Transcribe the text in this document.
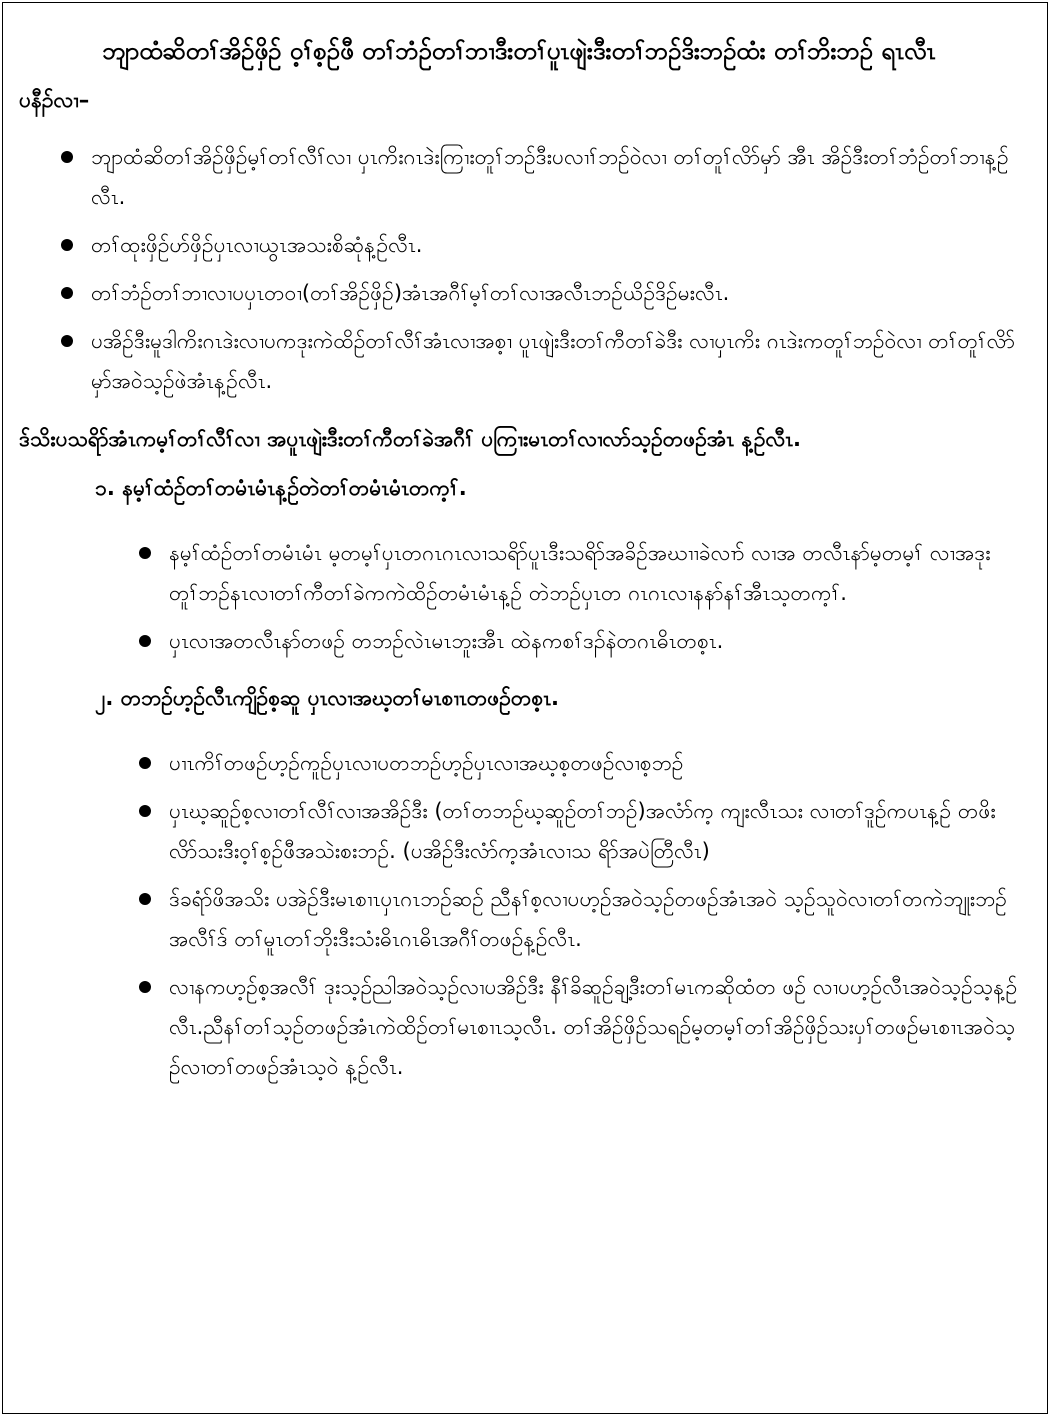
ဘျာထံဆိတၢ်အိဉ်ဖှိဉ် ဝ့ၢ်စ့ဉ်ဖီ တၢ်ဘံဉ်တၢ်ဘၢဒီးတၢ်ပူၤဖျဲးဒီးတၢ်ဘဉ်ဒိးဘဉ်ထံး တၢ်ဘိးဘဉ် ရၤလီၤ
ပနီၣ်လၢ–
ဘျာထံဆိတၢ်အိဉ်ဖှိဉ်မ့ၢ်တၢ်လီၢ်လၢ ပှၤကိးဂၤဒဲးကြၢးတူၢ်ဘဉ်ဒီးပလၢၢ်ဘဉ်ဝဲလၢ တၢ်တူၢ်လိာ်မှာ် အီၤ အိဉ်ဒီးတၢ်ဘံဉ်တၢ်ဘၢန့ဉ်လီၤ.
တၢ်ထုးဖှိဉ်ဟ်ဖှိဉ်ပှၤလၢယွၤအသးစိဆုံန့ဉ်လီၤ.
တၢ်ဘံဉ်တၢ်ဘၢလၢပပှၤတဝၢ(တၢ်အိဉ်ဖှိဉ်)အံၤအဂီၢ်မ့ၢ်တၢ်လၢအလီၤဘဉ်ယိဉ်ဒိဉ်မးလီၤ.
ပအိဉ်ဒီးမူဒါကိးဂၤဒဲးလၢပကဒုးကဲထိဉ်တၢ်လီၢ်အံၤလၢအစ့ၢ ပူၤဖျဲးဒီးတၢ်ကီတၢ်ခဲဒီး လၢပှၤကိး ဂၤဒဲးကတူၢ်ဘဉ်ဝဲလၢ တၢ်တူၢ်လိာ်မှာ်အဝဲသ့ဉ်ဖဲအံၤန့ဉ်လီၤ.
ဒ်သိးပသရိာ်အံၤကမ့ၢ်တၢ်လီၢ်လၢ အပူၤဖျဲးဒီးတၢ်ကီတၢ်ခဲအဂီၢ် ပကြၢးမၤတၢ်လၢလာ်သ့ဉ်တဖဉ်အံၤ န့ဉ်လီၤ.
၁. နမ့ၢ်ထံဉ်တၢ်တမံၤမံၤန့ဉ်တဲတၢ်တမံၤမံၤတက့ၢ်.
နမ့ၢ်ထံဉ်တၢ်တမံၤမံၤ မ့တမ့ၢ်ပှၤတဂၤဂၤလၢသရိာ်ပူၤဒီးသရိာ်အခိဉ်အဃၢၢခဲလၢာ် လၢအ တလီၤနာ်မ့တမ့ၢ် လၢအဒုးတူၢ်ဘဉ်နၤလၢတၢ်ကီတၢ်ခဲကကဲထိဉ်တမံၤမံၤန့ဉ် တဲဘဉ်ပှၤတ ဂၤဂၤလၢနနာ်နၢ်အီၤသ့တက့ၢ်.
ပှၤလၢအတလီၤနာ်တဖဉ် တဘဉ်လဲၤမၤဘူးအီၤ ထဲနကစၢ်ဒၣ်နဲတဂၤဓိၤတစ့ၤ.
၂. တဘဉ်ဟ့ဉ်လီၤကျိဉ်စ့ဆူ ပှၤလၢအဃ့တၢ်မၤစၢၤတဖဉ်တစ့ၤ.
ပၢၤကိၢ်တဖဉ်ဟ့ဉ်ကူဉ်ပှၤလၢပတဘဉ်ဟ့ဉ်ပှၤလၢအဃ့စ့တဖဉ်လၢစ့ဘဉ်
ပှၤဃ့ဆူဉ်စ့လၢတၢ်လီၢ်လၢအအိဉ်ဒီး (တၢ်တဘဉ်ဃ့ဆူဉ်တၢ်ဘဉ်)အလံာ်က့ ကျးလီၤသး လၢတၢ်ဒူဉ်ကပၤန့ဉ် တဖိးလိာ်သးဒီးဝ့ၢ်စ့ဉ်ဖီအသဲးစးဘဉ်. (ပအိဉ်ဒီးလံာ်က့အံၤလၢသ ရိာ်အပဲတြီလီၤ)
ဒ်ခရံာ်ဖိအသိး ပအဲဉ်ဒီးမၤစၢၤပှၤဂၤဘဉ်ဆဉ် ညီနၢ်စ့လၢပဟ့ဉ်အဝဲသ့ဉ်တဖဉ်အံၤအဝဲ သ့ဉ်သူဝဲလၢတၢ်တကဲဘျုးဘဉ်အလီၢ်ဒ် တၢ်မူၤတၢ်ဘိုးဒီးသံးဓိၤဂၤဓိၤအဂီၢ်တဖဉ်န့ဉ်လီၤ.
လၢနကဟ့ဉ်စ့အလီၢ် ဒုးသ့ဉ်ညါအဝဲသ့ဉ်လၢပအိဉ်ဒီး နီၢ်ခိဆူဉ်ချ့ဒီးတၢ်မၤကဆိုထံတ ဖဉ် လၢပဟ့ဉ်လီၤအဝဲသ့ဉ်သ့န့ဉ်လီၤ.ညီနၢ်တၢ်သ့ဉ်တဖဉ်အံၤကဲထိဉ်တၢ်မၤစၢၤသ့လီၤ. တၢ်အိဉ်ဖှိဉ်သရဉ်မ့တမ့ၢ်တၢ်အိဉ်ဖှိဉ်သးပှၢ်တဖဉ်မၤစၢၤအဝဲသ့ဉ်လၢတၢ်တဖဉ်အံၤသ့ဝဲ န့ဉ်လီၤ.
